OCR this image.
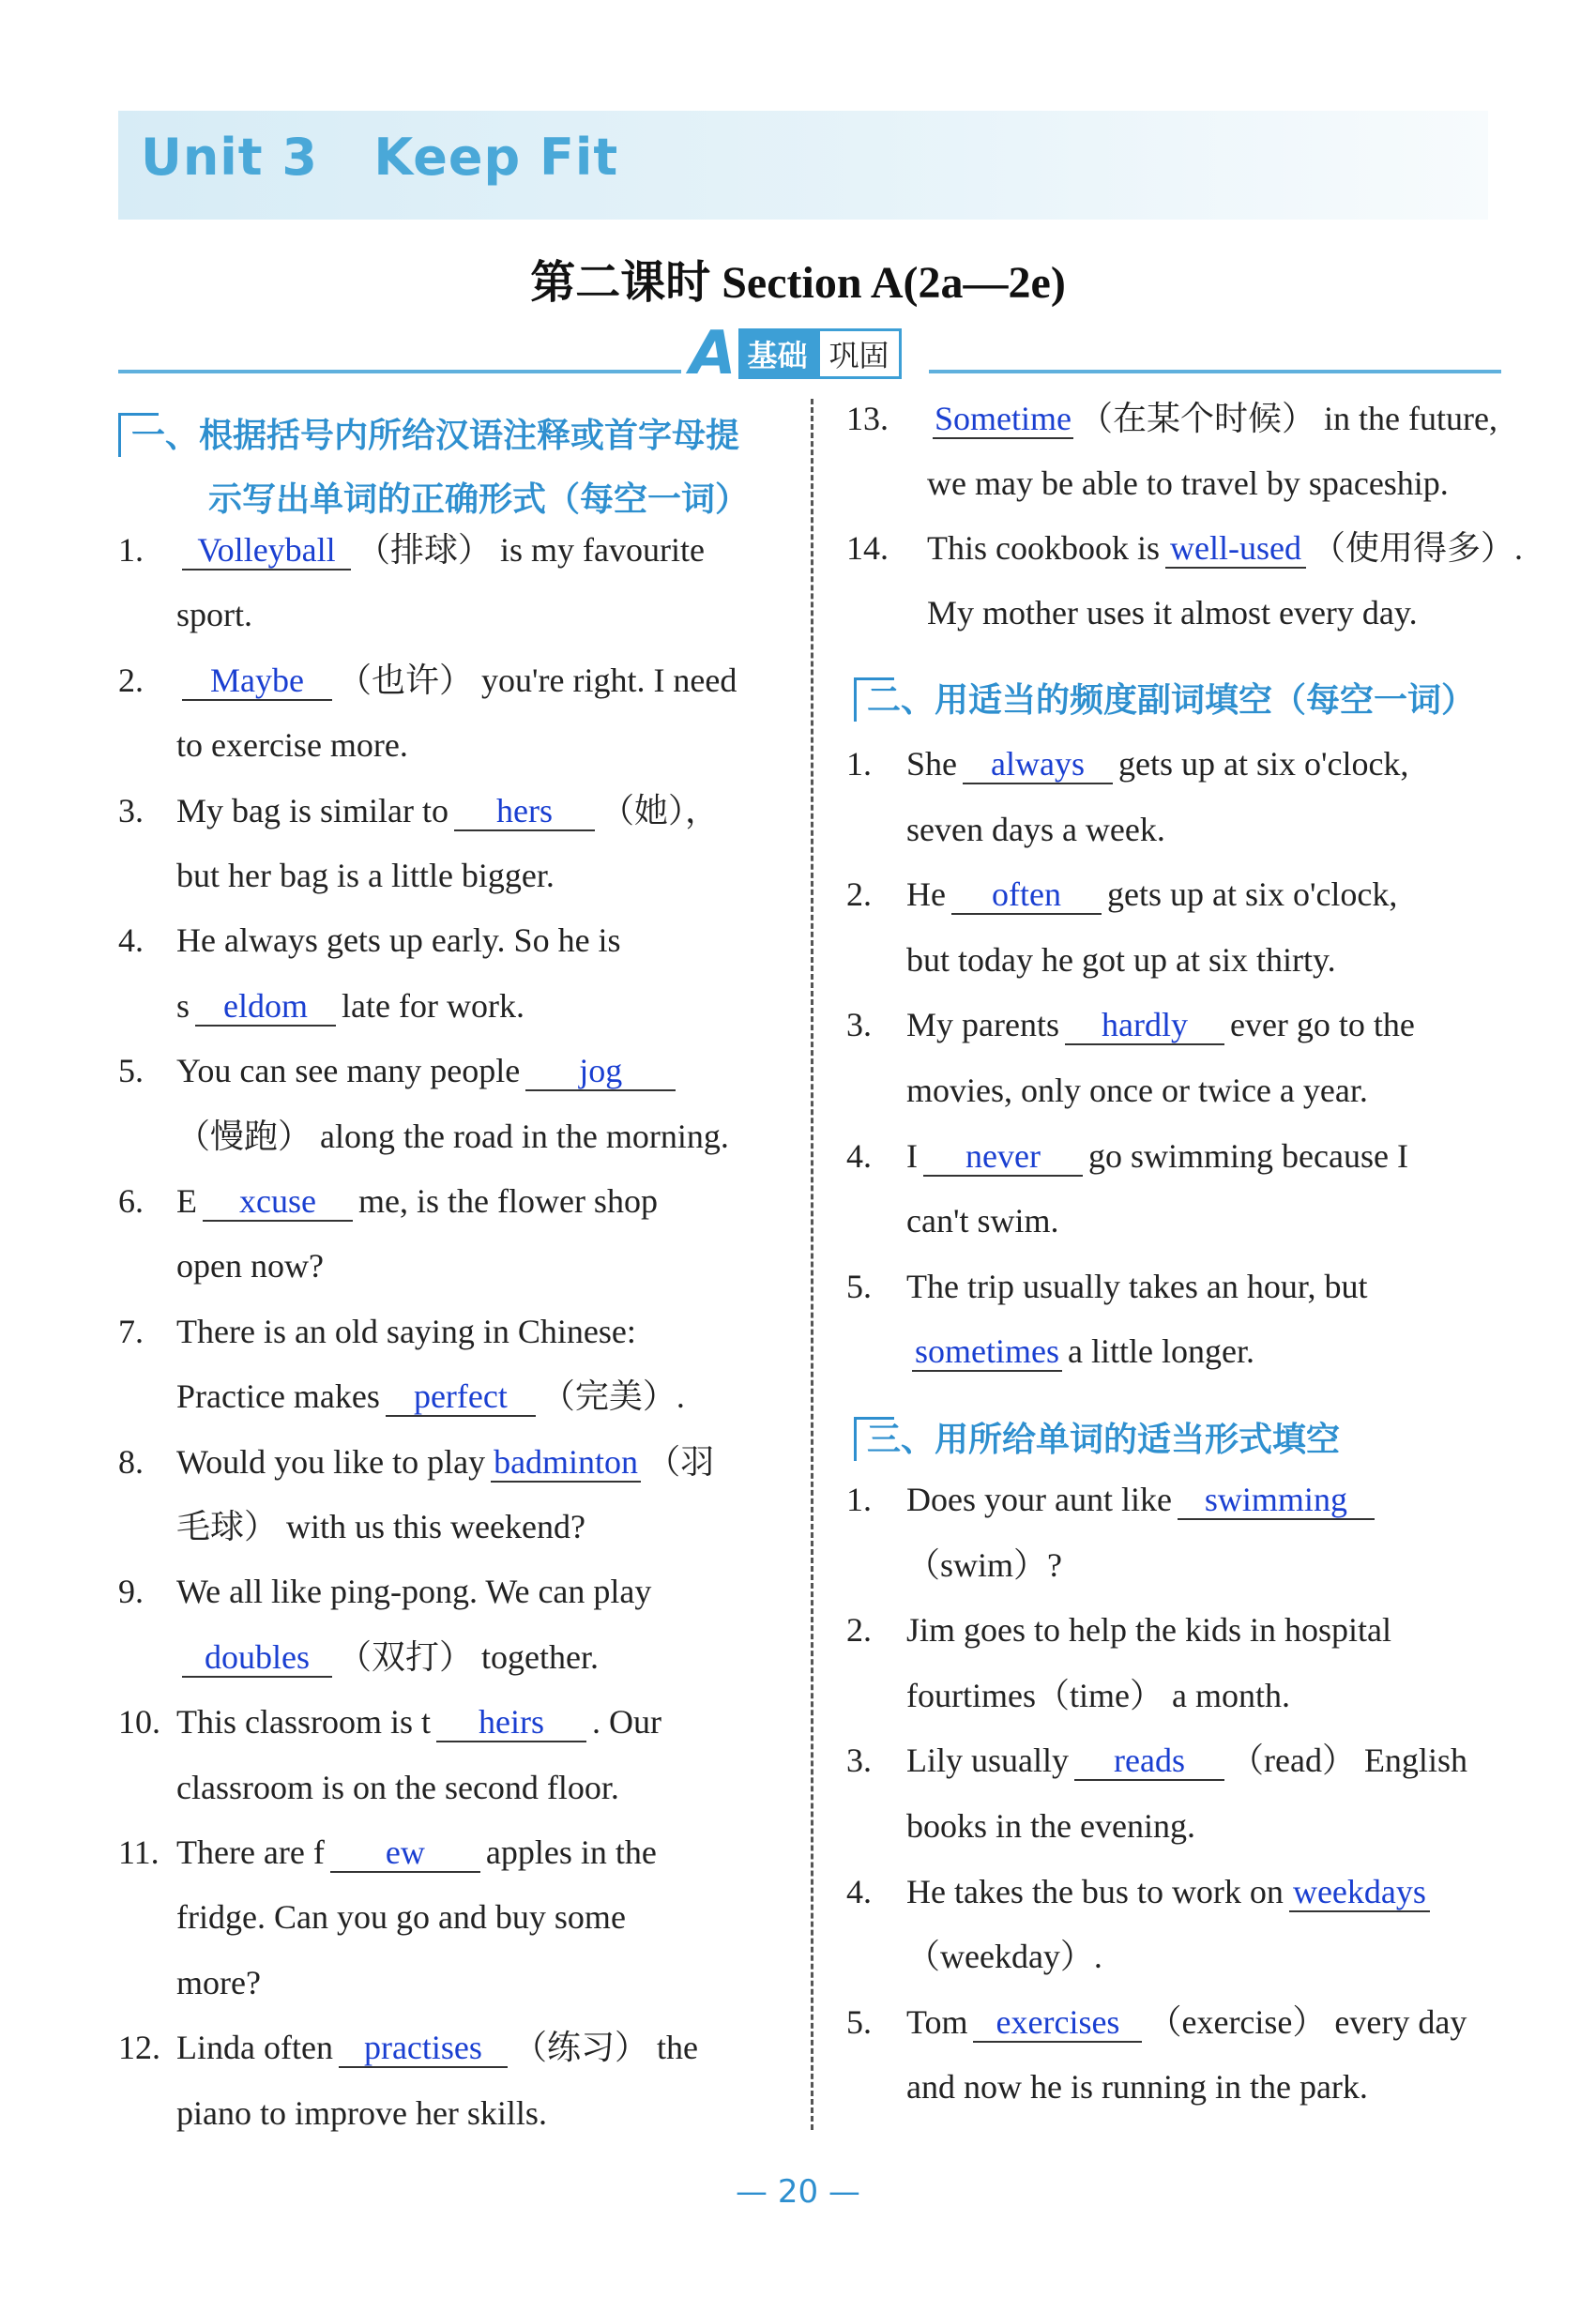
Unit 3   Keep Fit
第二课时 Section A(2a—2e)
A 基础 巩固
一、根据括号内所给汉语注释或首字母提
示写出单词的正确形式（每空一词）
1. Volleyball （排球） is my favourite
sport.
2. Maybe （也许） you're right. I need
to exercise more.
3. My bag is similar to hers （她），
but her bag is a little bigger.
4. He always gets up early. So he is
s eldom late for work.
5. You can see many people jog
（慢跑） along the road in the morning.
6. E xcuse me, is the flower shop
open now?
7. There is an old saying in Chinese:
Practice makes perfect （完美）.
8. Would you like to play badminton （羽
毛球） with us this weekend?
9. We all like ping-pong. We can play
doubles （双打） together.
10. This classroom is t heirs . Our
classroom is on the second floor.
11. There are f ew apples in the
fridge. Can you go and buy some
more?
12. Linda often practises （练习） the
piano to improve her skills.
13. Sometime （在某个时候） in the future,
we may be able to travel by spaceship.
14. This cookbook is well-used （使用得多）.
My mother uses it almost every day.
1. She always gets up at six o'clock,
seven days a week.
2. He often gets up at six o'clock,
but today he got up at six thirty.
3. My parents hardly ever go to the
movies, only once or twice a year.
4. I never go swimming because I
can't swim.
5. The trip usually takes an hour, but
sometimes a little longer.
1. Does your aunt like swimming
（swim）?
2. Jim goes to help the kids in hospital
fourtimes（time） a month.
3. Lily usually reads （read） English
books in the evening.
4. He takes the bus to work on weekdays
（weekday）.
5. Tom exercises （exercise） every day
and now he is running in the park.
二、用适当的频度副词填空（每空一词）
三、用所给单词的适当形式填空
— 20 —
